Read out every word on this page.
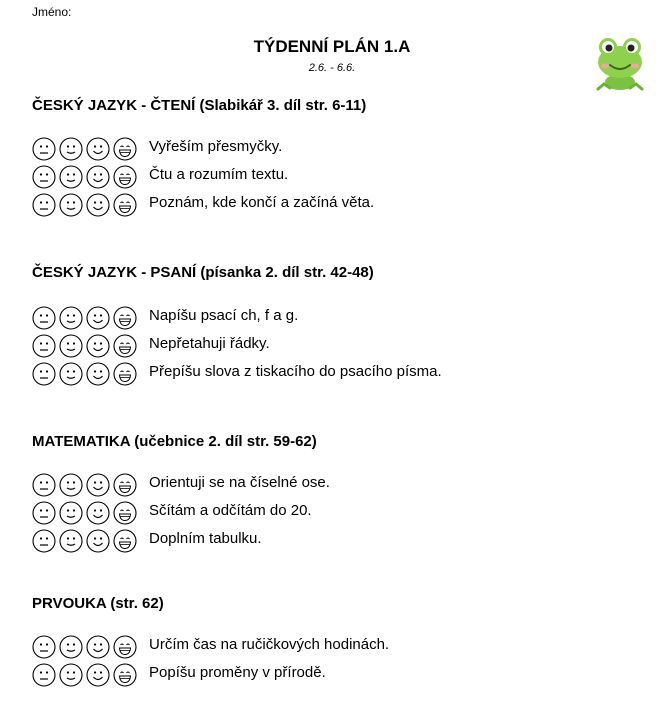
Jméno:
TÝDENNÍ PLÁN 1.A
2.6. - 6.6.
ČESKÝ JAZYK - ČTENÍ (Slabikář 3. díl str. 6-11)
Vyřeším přesmyčky.
Čtu a rozumím textu.
Poznám, kde končí a začíná věta.
ČESKÝ JAZYK - PSANÍ (písanka 2. díl str. 42-48)
Napíšu psací ch, f a g.
Nepřetahuji řádky.
Přepíšu slova z tiskacího do psacího písma.
MATEMATIKA (učebnice 2. díl str. 59-62)
Orientuji se na číselné ose.
Sčítám a odčítám do 20.
Doplním tabulku.
PRVOUKA (str. 62)
Určím čas na ručičkových hodinách.
Popíšu proměny v přírodě.
